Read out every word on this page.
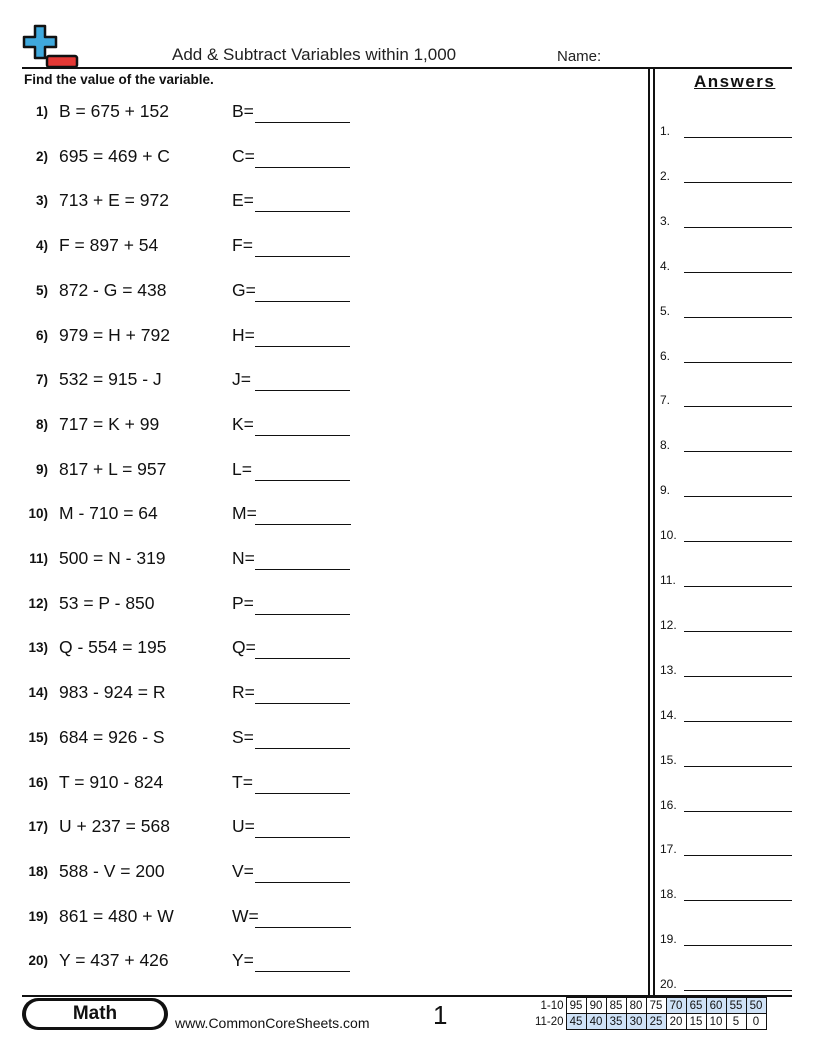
Add & Subtract Variables within 1,000	Name:
Find the value of the variable.
1) B = 675 + 152	B=
2) 695 = 469 + C	C=
3) 713 + E = 972	E=
4) F = 897 + 54	F=
5) 872 - G = 438	G=
6) 979 = H + 792	H=
7) 532 = 915 - J	J=
8) 717 = K + 99	K=
9) 817 + L = 957	L=
10) M - 710 = 64	M=
11) 500 = N - 319	N=
12) 53 = P - 850	P=
13) Q - 554 = 195	Q=
14) 983 - 924 = R	R=
15) 684 = 926 - S	S=
16) T = 910 - 824	T=
17) U + 237 = 568	U=
18) 588 - V = 200	V=
19) 861 = 480 + W	W=
20) Y = 437 + 426	Y=
Answers
1.
2.
3.
4.
5.
6.
7.
8.
9.
10.
11.
12.
13.
14.
15.
16.
17.
18.
19.
20.
Math	www.CommonCoreSheets.com 1	1-10	95	90	85	80	75	70	65	60	55	50
11-20	45	40	35	30	25	20	15	10	5	0
